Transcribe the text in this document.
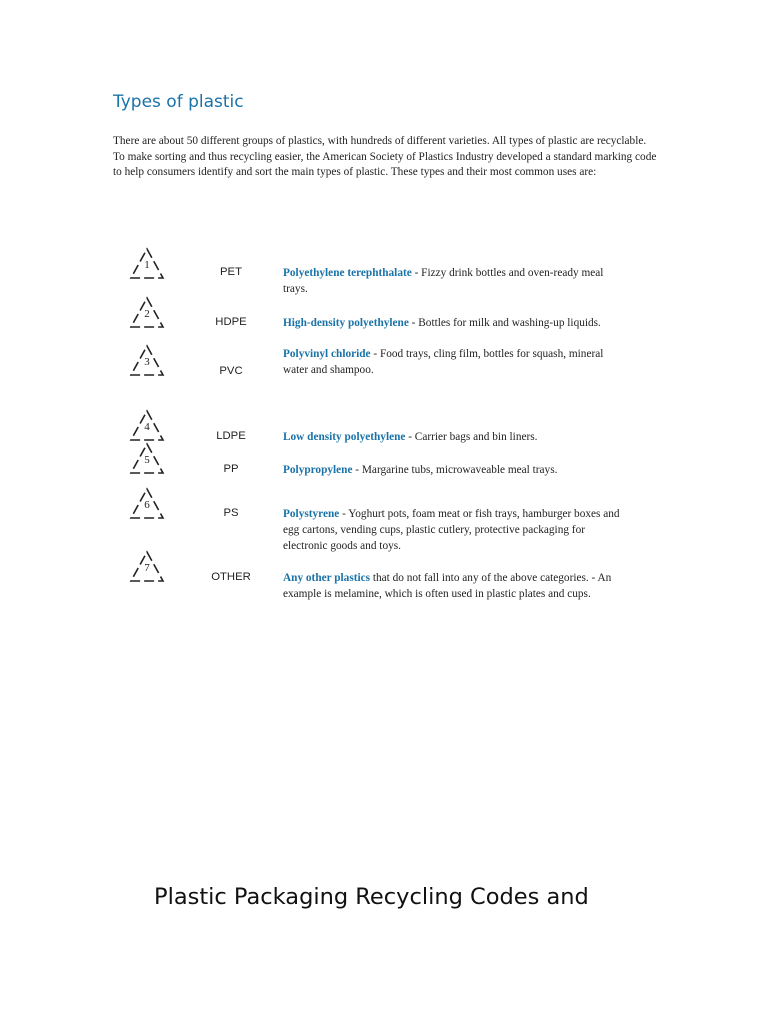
Types of plastic

There are about 50 different groups of plastics, with hundreds of different varieties. All types of plastic are recyclable. To make sorting and thus recycling easier, the American Society of Plastics Industry developed a standard marking code to help consumers identify and sort the main types of plastic. These types and their most common uses are:

1
PET	Polyethylene terephthalate - Fizzy drink bottles and oven-ready meal trays.
2
HDPE	High-density polyethylene - Bottles for milk and washing-up liquids.
3
PVC
Polyvinyl chloride - Food trays, cling film, bottles for squash, mineral water and shampoo.
4
LDPE	Low density polyethylene - Carrier bags and bin liners.
5
PP	Polypropylene - Margarine tubs, microwaveable meal trays.
6
PS	Polystyrene - Yoghurt pots, foam meat or fish trays, hamburger boxes and egg cartons, vending cups, plastic cutlery, protective packaging for electronic goods and toys.
7
OTHER	Any other plastics that do not fall into any of the above categories. - An example is melamine, which is often used in plastic plates and cups.
Plastic Packaging Recycling Codes and
